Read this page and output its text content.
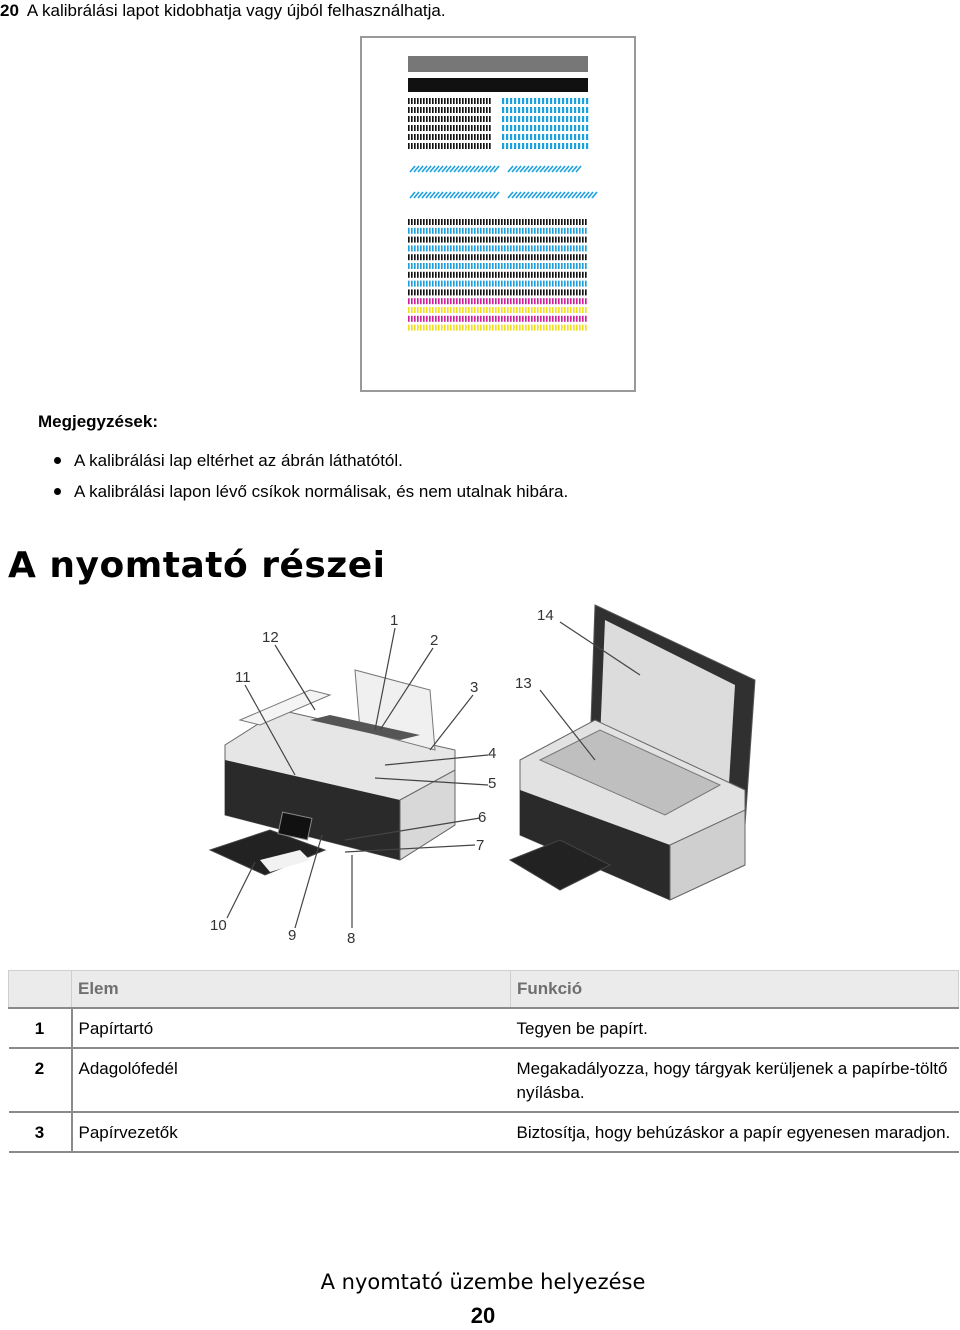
20 A kalibrálási lapot kidobhatja vagy újból felhasználhatja.
Megjegyzések:
A kalibrálási lap eltérhet az ábrán láthatótól.
A kalibrálási lapon lévő csíkok normálisak, és nem utalnak hibára.
A nyomtató részei
1
2
3
4
5
6
7
8
9
10
11
12
13
14
	Elem	Funkció
1	Papírtartó	Tegyen be papírt.
2	Adagolófedél	Megakadályozza, hogy tárgyak kerüljenek a papírbe-töltő nyílásba.
3	Papírvezetők	Biztosítja, hogy behúzáskor a papír egyenesen maradjon.
A nyomtató üzembe helyezése
20
